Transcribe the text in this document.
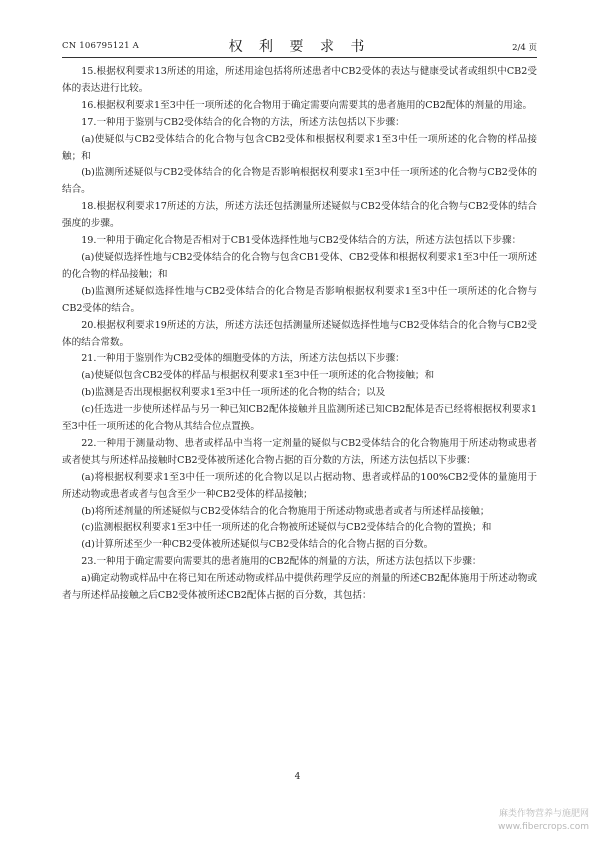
CN 106795121 A	权 利 要 求 书	2/4 页

15.根据权利要求13所述的用途，所述用途包括将所述患者中CB2受体的表达与健康受试者或组织中CB2受体的表达进行比较。

16.根据权利要求1至3中任一项所述的化合物用于确定需要向需要其的患者施用的CB2配体的剂量的用途。

17.一种用于鉴别与CB2受体结合的化合物的方法，所述方法包括以下步骤：

(a)使疑似与CB2受体结合的化合物与包含CB2受体和根据权利要求1至3中任一项所述的化合物的样品接触；和

(b)监测所述疑似与CB2受体结合的化合物是否影响根据权利要求1至3中任一项所述的化合物与CB2受体的结合。

18.根据权利要求17所述的方法，所述方法还包括测量所述疑似与CB2受体结合的化合物与CB2受体的结合强度的步骤。

19.一种用于确定化合物是否相对于CB1受体选择性地与CB2受体结合的方法，所述方法包括以下步骤：

(a)使疑似选择性地与CB2受体结合的化合物与包含CB1受体、CB2受体和根据权利要求1至3中任一项所述的化合物的样品接触；和

(b)监测所述疑似选择性地与CB2受体结合的化合物是否影响根据权利要求1至3中任一项所述的化合物与CB2受体的结合。

20.根据权利要求19所述的方法，所述方法还包括测量所述疑似选择性地与CB2受体结合的化合物与CB2受体的结合常数。

21.一种用于鉴别作为CB2受体的细胞受体的方法，所述方法包括以下步骤：

(a)使疑似包含CB2受体的样品与根据权利要求1至3中任一项所述的化合物接触；和

(b)监测是否出现根据权利要求1至3中任一项所述的化合物的结合；以及

(c)任选进一步使所述样品与另一种已知CB2配体接触并且监测所述已知CB2配体是否已经将根据权利要求1至3中任一项所述的化合物从其结合位点置换。

22.一种用于测量动物、患者或样品中当将一定剂量的疑似与CB2受体结合的化合物施用于所述动物或患者或者使其与所述样品接触时CB2受体被所述化合物占据的百分数的方法，所述方法包括以下步骤：

(a)将根据权利要求1至3中任一项所述的化合物以足以占据动物、患者或样品的100%CB2受体的量施用于所述动物或患者或者与包含至少一种CB2受体的样品接触；

(b)将所述剂量的所述疑似与CB2受体结合的化合物施用于所述动物或患者或者与所述样品接触；

(c)监测根据权利要求1至3中任一项所述的化合物被所述疑似与CB2受体结合的化合物的置换；和

(d)计算所述至少一种CB2受体被所述疑似与CB2受体结合的化合物占据的百分数。

23.一种用于确定需要向需要其的患者施用的CB2配体的剂量的方法，所述方法包括以下步骤：

a)确定动物或样品中在将已知在所述动物或样品中提供药理学反应的剂量的所述CB2配体施用于所述动物或者与所述样品接触之后CB2受体被所述CB2配体占据的百分数，其包括：

4
麻类作物营养与施肥网
www.fibercrops.com
